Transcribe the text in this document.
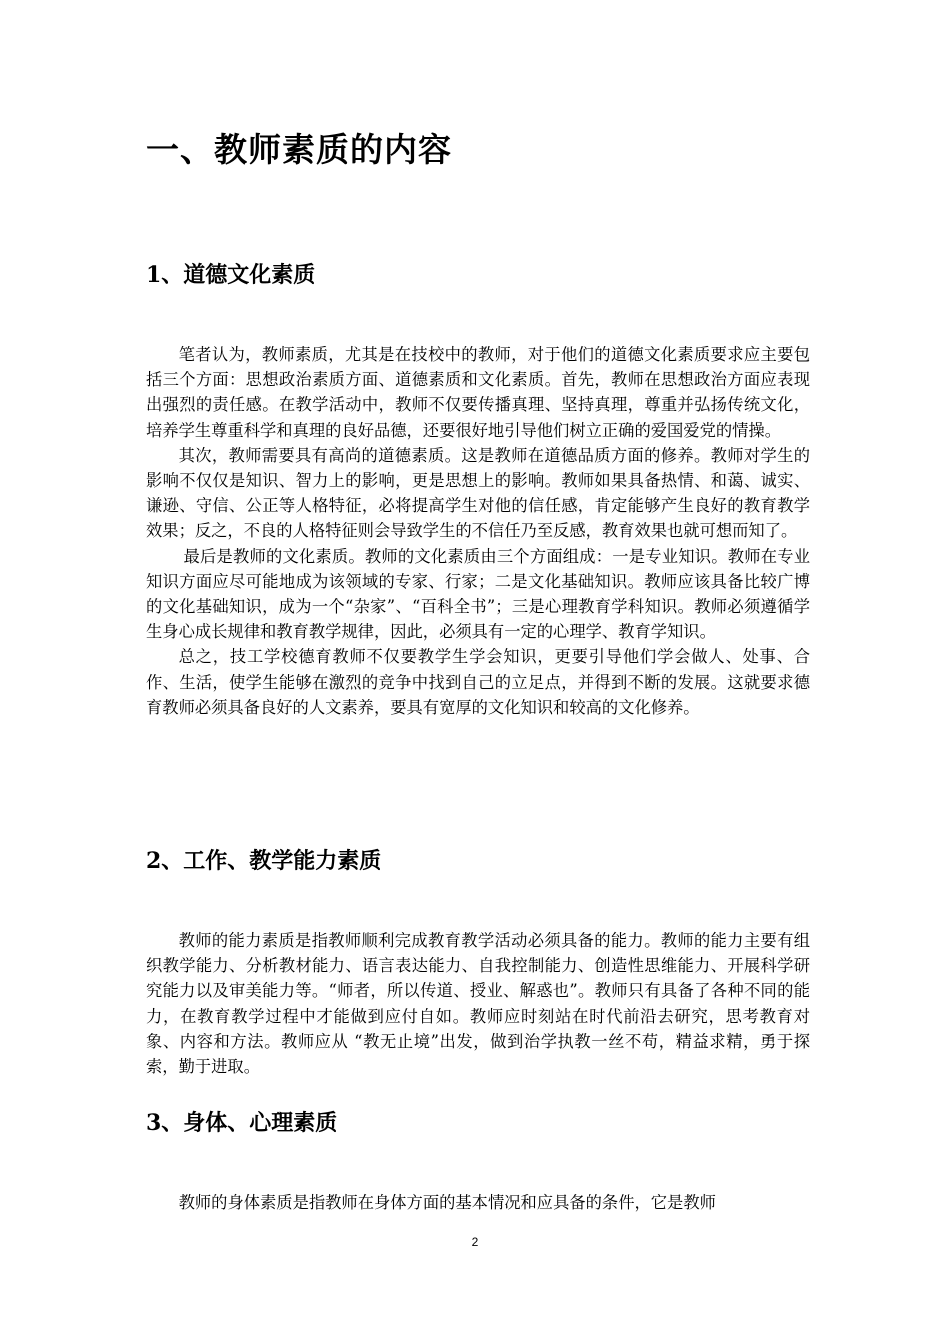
一、教师素质的内容
1、道德文化素质

笔者认为，教师素质，尤其是在技校中的教师，对于他们的道德文化素质要求应主要包括三个方面：思想政治素质方面、道德素质和文化素质。首先，教师在思想政治方面应表现出强烈的责任感。在教学活动中，教师不仅要传播真理、坚持真理，尊重并弘扬传统文化，培养学生尊重科学和真理的良好品德，还要很好地引导他们树立正确的爱国爱党的情操。

其次，教师需要具有高尚的道德素质。这是教师在道德品质方面的修养。教师对学生的影响不仅仅是知识、智力上的影响，更是思想上的影响。教师如果具备热情、和蔼、诚实、谦逊、守信、公正等人格特征，必将提高学生对他的信任感，肯定能够产生良好的教育教学效果；反之，不良的人格特征则会导致学生的不信任乃至反感，教育效果也就可想而知了。

最后是教师的文化素质。教师的文化素质由三个方面组成：一是专业知识。教师在专业知识方面应尽可能地成为该领域的专家、行家；二是文化基础知识。教师应该具备比较广博的文化基础知识，成为一个“杂家”、“百科全书”；三是心理教育学科知识。教师必须遵循学生身心成长规律和教育教学规律，因此，必须具有一定的心理学、教育学知识。

总之，技工学校德育教师不仅要教学生学会知识，更要引导他们学会做人、处事、合作、生活，使学生能够在激烈的竞争中找到自己的立足点，并得到不断的发展。这就要求德育教师必须具备良好的人文素养，要具有宽厚的文化知识和较高的文化修养。

2、工作、教学能力素质

教师的能力素质是指教师顺利完成教育教学活动必须具备的能力。教师的能力主要有组织教学能力、分析教材能力、语言表达能力、自我控制能力、创造性思维能力、开展科学研究能力以及审美能力等。“师者，所以传道、授业、解惑也”。教师只有具备了各种不同的能力，在教育教学过程中才能做到应付自如。教师应时刻站在时代前沿去研究，思考教育对象、内容和方法。教师应从 “教无止境”出发，做到治学执教一丝不苟，精益求精，勇于探索，勤于进取。

3、身体、心理素质

教师的身体素质是指教师在身体方面的基本情况和应具备的条件，它是教师

2
